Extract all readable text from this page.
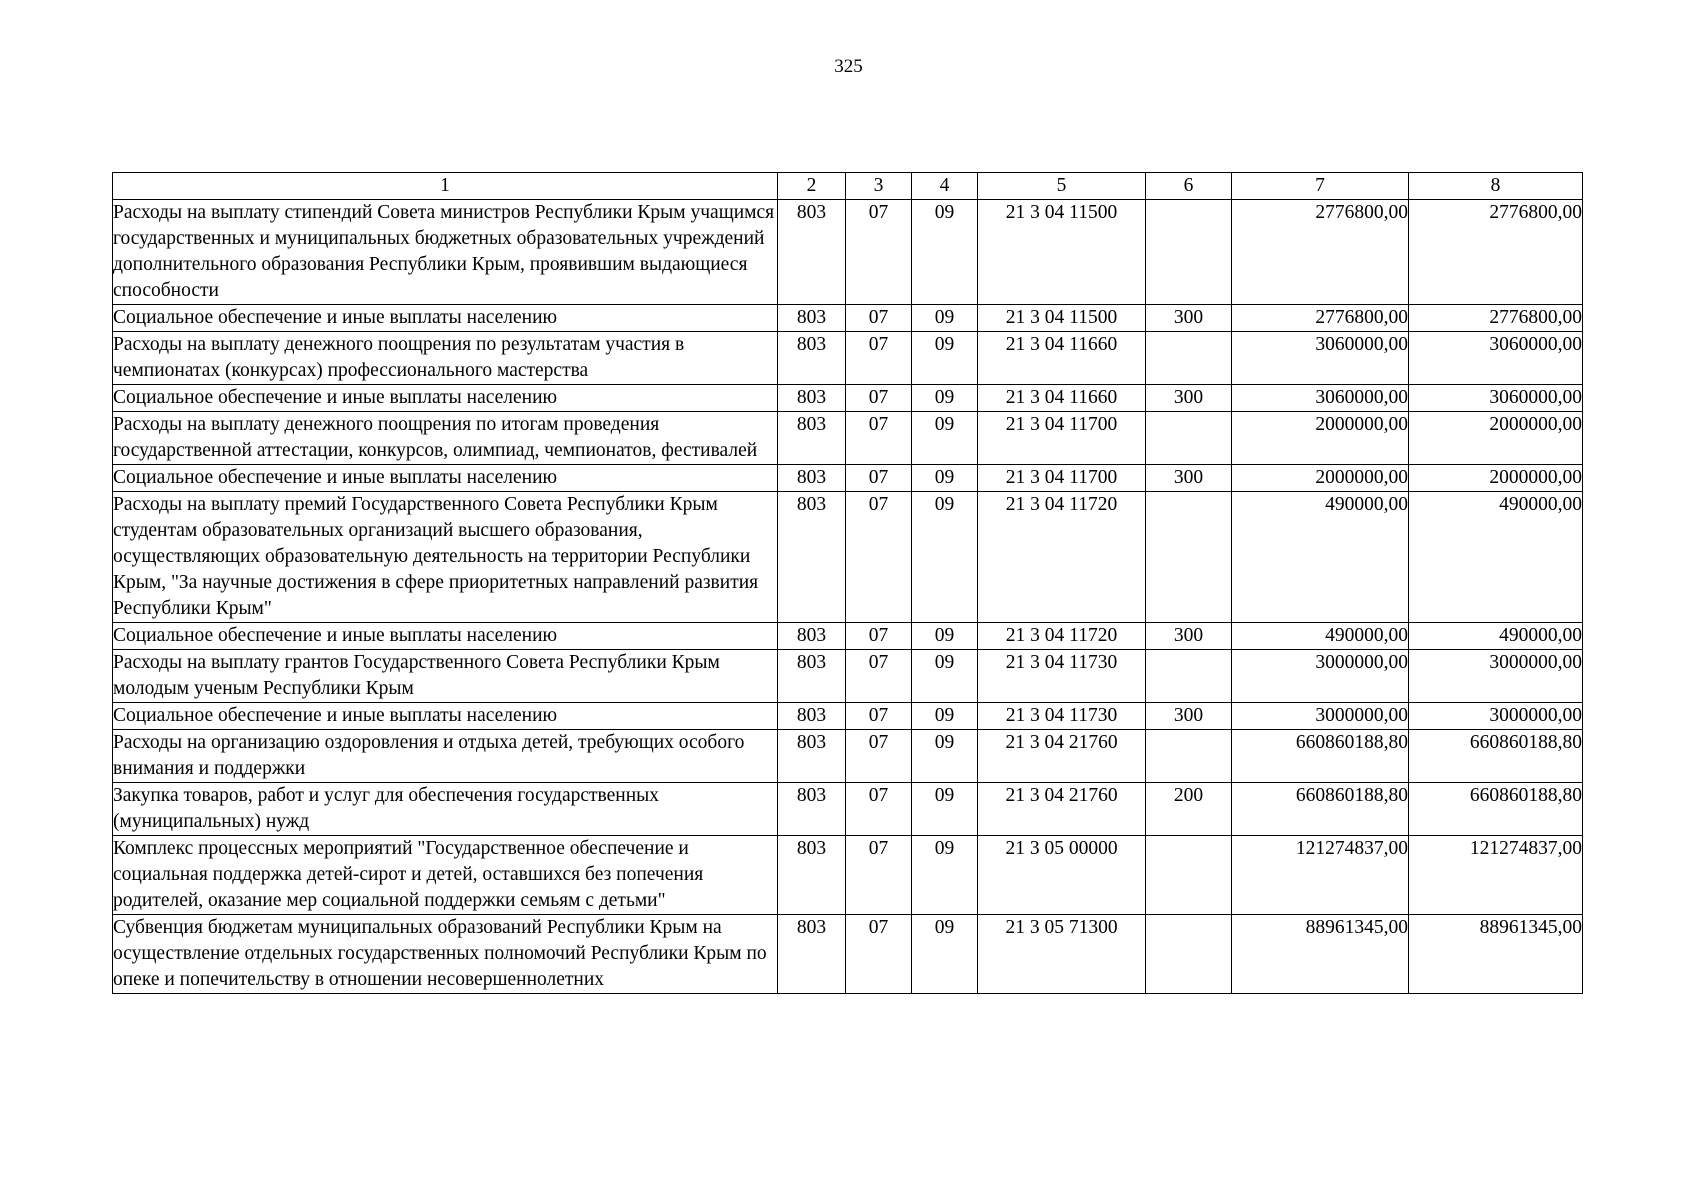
325
1	2	3	4	5	6	7	8
Расходы на выплату стипендий Совета министров Республики Крым учащимся государственных и муниципальных бюджетных образовательных учреждений дополнительного образования Республики Крым, проявившим выдающиеся способности	803	07	09	21 3 04 11500		2776800,00	2776800,00
Социальное обеспечение и иные выплаты населению	803	07	09	21 3 04 11500	300	2776800,00	2776800,00
Расходы на выплату денежного поощрения по результатам участия в чемпионатах (конкурсах) профессионального мастерства	803	07	09	21 3 04 11660		3060000,00	3060000,00
Социальное обеспечение и иные выплаты населению	803	07	09	21 3 04 11660	300	3060000,00	3060000,00
Расходы на выплату денежного поощрения по итогам проведения государственной аттестации, конкурсов, олимпиад, чемпионатов, фестивалей	803	07	09	21 3 04 11700		2000000,00	2000000,00
Социальное обеспечение и иные выплаты населению	803	07	09	21 3 04 11700	300	2000000,00	2000000,00
Расходы на выплату премий Государственного Совета Республики Крым студентам образовательных организаций высшего образования, осуществляющих образовательную деятельность на территории Республики Крым, "За научные достижения в сфере приоритетных направлений развития Республики Крым"	803	07	09	21 3 04 11720		490000,00	490000,00
Социальное обеспечение и иные выплаты населению	803	07	09	21 3 04 11720	300	490000,00	490000,00
Расходы на выплату грантов Государственного Совета Республики Крым молодым ученым Республики Крым	803	07	09	21 3 04 11730		3000000,00	3000000,00
Социальное обеспечение и иные выплаты населению	803	07	09	21 3 04 11730	300	3000000,00	3000000,00
Расходы на организацию оздоровления и отдыха детей, требующих особого внимания и поддержки	803	07	09	21 3 04 21760		660860188,80	660860188,80
Закупка товаров, работ и услуг для обеспечения государственных (муниципальных) нужд	803	07	09	21 3 04 21760	200	660860188,80	660860188,80
Комплекс процессных мероприятий "Государственное обеспечение и социальная поддержка детей-сирот и детей, оставшихся без попечения родителей, оказание мер социальной поддержки семьям с детьми"	803	07	09	21 3 05 00000		121274837,00	121274837,00
Субвенция бюджетам муниципальных образований Республики Крым на осуществление отдельных государственных полномочий Республики Крым по опеке и попечительству в отношении несовершеннолетних	803	07	09	21 3 05 71300		88961345,00	88961345,00
